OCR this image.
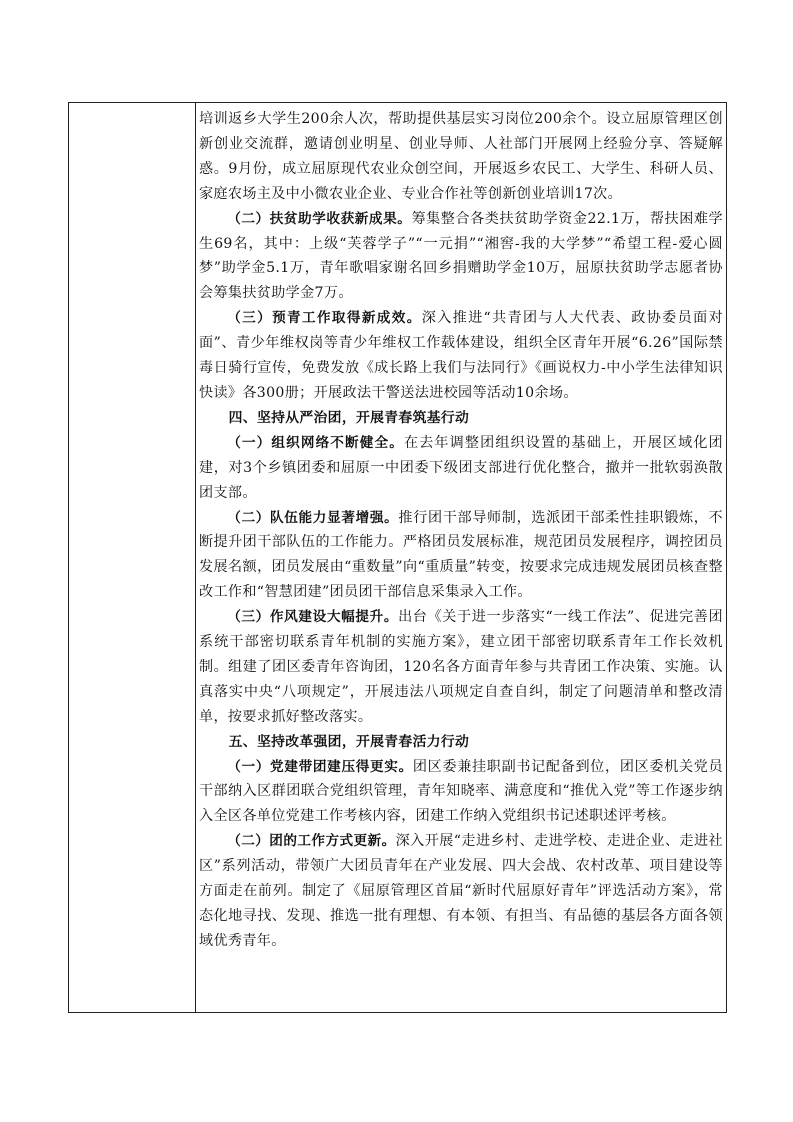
培训返乡大学生200余人次，帮助提供基层实习岗位200余个。设立屈原管理区创新创业交流群，邀请创业明星、创业导师、人社部门开展网上经验分享、答疑解惑。9月份，成立屈原现代农业众创空间，开展返乡农民工、大学生、科研人员、家庭农场主及中小微农业企业、专业合作社等创新创业培训17次。

（二）扶贫助学收获新成果。筹集整合各类扶贫助学资金22.1万，帮扶困难学生69名，其中：上级“芙蓉学子”“一元捐”“湘窖-我的大学梦”“希望工程-爱心圆梦”助学金5.1万，青年歌唱家谢名回乡捐赠助学金10万，屈原扶贫助学志愿者协会筹集扶贫助学金7万。

（三）预青工作取得新成效。深入推进“共青团与人大代表、政协委员面对面”、青少年维权岗等青少年维权工作载体建设，组织全区青年开展“6.26”国际禁毒日骑行宣传，免费发放《成长路上我们与法同行》《画说权力-中小学生法律知识快读》各300册；开展政法干警送法进校园等活动10余场。

四、坚持从严治团，开展青春筑基行动

（一）组织网络不断健全。在去年调整团组织设置的基础上，开展区域化团建，对3个乡镇团委和屈原一中团委下级团支部进行优化整合，撤并一批软弱涣散团支部。

（二）队伍能力显著增强。推行团干部导师制，选派团干部柔性挂职锻炼，不断提升团干部队伍的工作能力。严格团员发展标准，规范团员发展程序，调控团员发展名额，团员发展由“重数量”向“重质量”转变，按要求完成违规发展团员核查整改工作和“智慧团建”团员团干部信息采集录入工作。

（三）作风建设大幅提升。出台《关于进一步落实“一线工作法”、促进完善团系统干部密切联系青年机制的实施方案》，建立团干部密切联系青年工作长效机制。组建了团区委青年咨询团，120名各方面青年参与共青团工作决策、实施。认真落实中央“八项规定”，开展违法八项规定自查自纠，制定了问题清单和整改清单，按要求抓好整改落实。

五、坚持改革强团，开展青春活力行动

（一）党建带团建压得更实。团区委兼挂职副书记配备到位，团区委机关党员干部纳入区群团联合党组织管理，青年知晓率、满意度和“推优入党”等工作逐步纳入全区各单位党建工作考核内容，团建工作纳入党组织书记述职述评考核。

（二）团的工作方式更新。深入开展“走进乡村、走进学校、走进企业、走进社区”系列活动，带领广大团员青年在产业发展、四大会战、农村改革、项目建设等方面走在前列。制定了《屈原管理区首届“新时代屈原好青年”评选活动方案》，常态化地寻找、发现、推选一批有理想、有本领、有担当、有品德的基层各方面各领域优秀青年。
